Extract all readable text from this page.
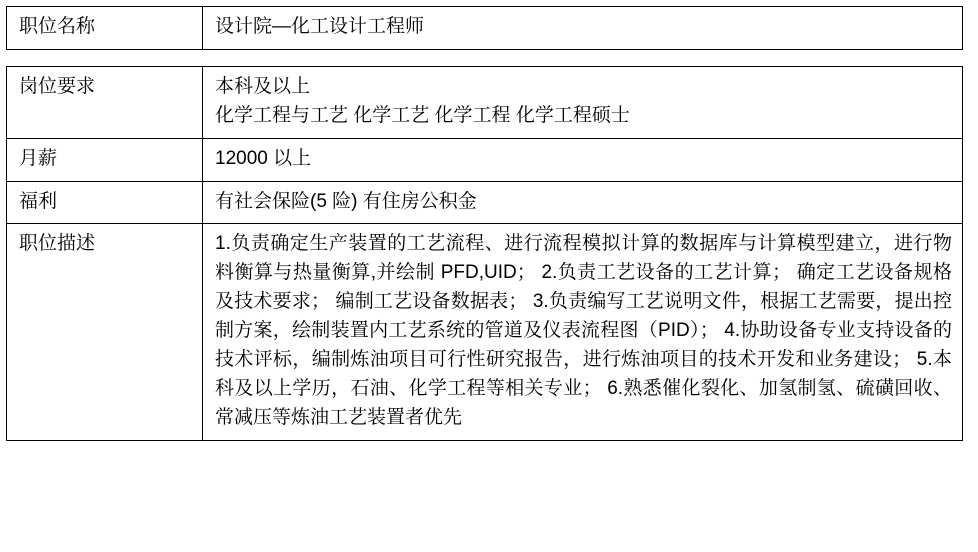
职位名称	设计院—化工设计工程师

岗位要求	本科及以上
化学工程与工艺 化学工艺 化学工程 化学工程硕士

月薪	12000 以上
福利	有社会保险(5 险) 有住房公积金
职位描述	1.负责确定生产装置的工艺流程、进行流程模拟计算的数据库与计算模型建立，进行物料衡算与热量衡算,并绘制 PFD,UID； 2.负责工艺设备的工艺计算； 确定工艺设备规格及技术要求； 编制工艺设备数据表； 3.负责编写工艺说明文件，根据工艺需要，提出控制方案，绘制装置内工艺系统的管道及仪表流程图（PID）； 4.协助设备专业支持设备的技术评标，编制炼油项目可行性研究报告，进行炼油项目的技术开发和业务建设； 5.本科及以上学历，石油、化学工程等相关专业； 6.熟悉催化裂化、加氢制氢、硫磺回收、常减压等炼油工艺装置者优先
